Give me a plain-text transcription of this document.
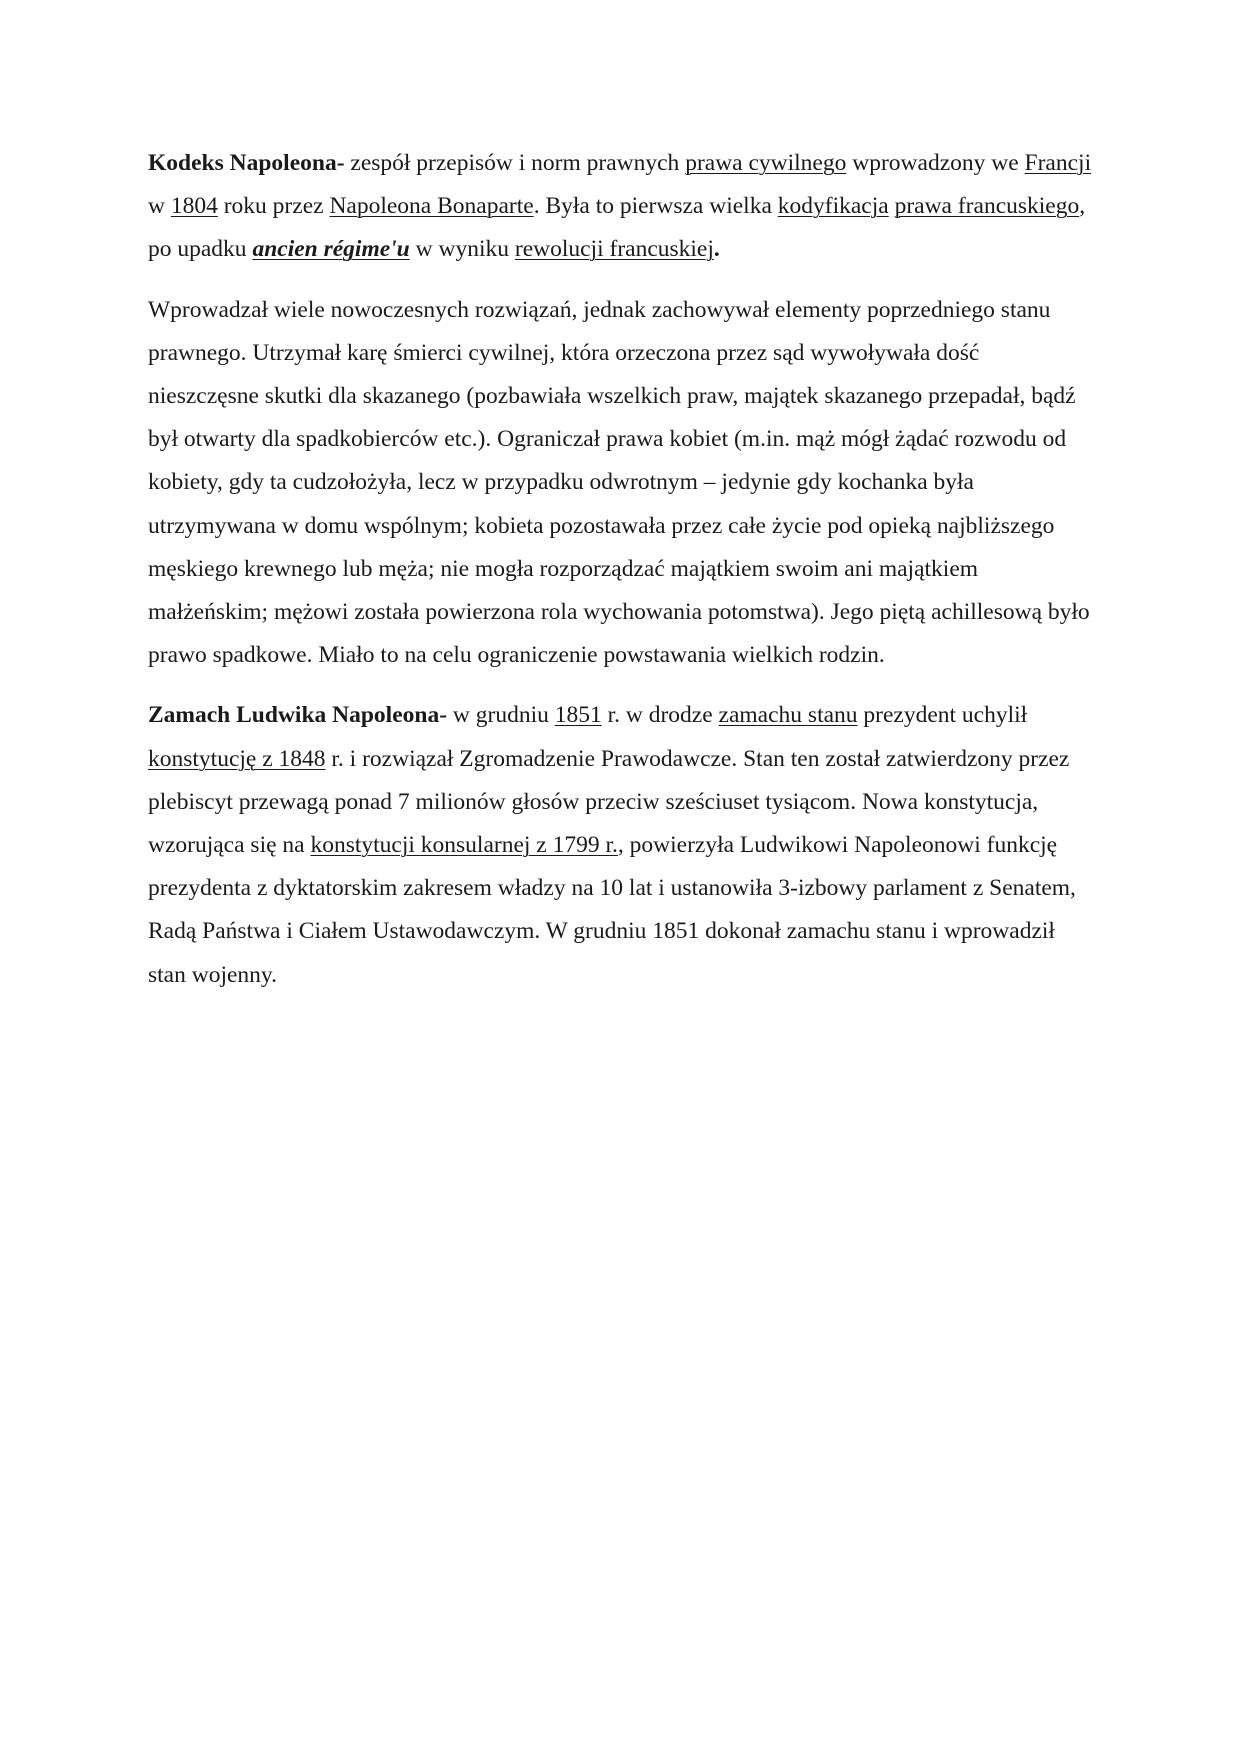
Kodeks Napoleona- zespół przepisów i norm prawnych prawa cywilnego wprowadzony we Francji w 1804 roku przez Napoleona Bonaparte. Była to pierwsza wielka kodyfikacja prawa francuskiego, po upadku ancien régime'u w wyniku rewolucji francuskiej.

Wprowadzał wiele nowoczesnych rozwiązań, jednak zachowywał elementy poprzedniego stanu prawnego. Utrzymał karę śmierci cywilnej, która orzeczona przez sąd wywoływała dość nieszczęsne skutki dla skazanego (pozbawiała wszelkich praw, majątek skazanego przepadał, bądź był otwarty dla spadkobierców etc.). Ograniczał prawa kobiet (m.in. mąż mógł żądać rozwodu od kobiety, gdy ta cudzołożyła, lecz w przypadku odwrotnym – jedynie gdy kochanka była utrzymywana w domu wspólnym; kobieta pozostawała przez całe życie pod opieką najbliższego męskiego krewnego lub męża; nie mogła rozporządzać majątkiem swoim ani majątkiem małżeńskim; mężowi została powierzona rola wychowania potomstwa). Jego piętą achillesową było prawo spadkowe. Miało to na celu ograniczenie powstawania wielkich rodzin.

Zamach Ludwika Napoleona- w grudniu 1851 r. w drodze zamachu stanu prezydent uchylił konstytucję z 1848 r. i rozwiązał Zgromadzenie Prawodawcze. Stan ten został zatwierdzony przez plebiscyt przewagą ponad 7 milionów głosów przeciw sześciuset tysiącom. Nowa konstytucja, wzorująca się na konstytucji konsularnej z 1799 r., powierzyła Ludwikowi Napoleonowi funkcję prezydenta z dyktatorskim zakresem władzy na 10 lat i ustanowiła 3-izbowy parlament z Senatem, Radą Państwa i Ciałem Ustawodawczym. W grudniu 1851 dokonał zamachu stanu i wprowadził stan wojenny.
